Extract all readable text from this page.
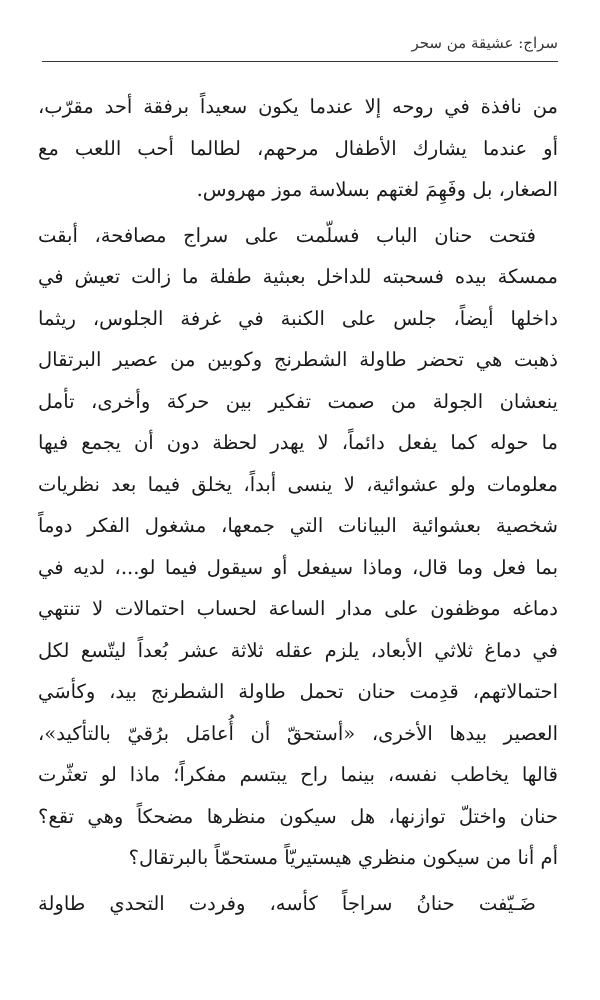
سراج: عشيقة من سحر
من نافذة في روحه إلا عندما يكون سعيداً برفقة أحد مقرّب،
أو عندما يشارك الأطفال مرحهم، لطالما أحب اللعب مع
الصغار، بل وفَهِمَ لغتهم بسلاسة موز مهروس.
فتحت حنان الباب فسلّمت على سراج مصافحة، أبقت
ممسكة بيده فسحبته للداخل بعبثية طفلة ما زالت تعيش في
داخلها أيضاً، جلس على الكنبة في غرفة الجلوس، ريثما
ذهبت هي تحضر طاولة الشطرنج وكوبين من عصير البرتقال
ينعشان الجولة من صمت تفكير بين حركة وأخرى، تأمل
ما حوله كما يفعل دائماً، لا يهدر لحظة دون أن يجمع فيها
معلومات ولو عشوائية، لا ينسى أبداً، يخلق فيما بعد نظريات
شخصية بعشوائية البيانات التي جمعها، مشغول الفكر دوماً
بما فعل وما قال، وماذا سيفعل أو سيقول فيما لو...، لديه في
دماغه موظفون على مدار الساعة لحساب احتمالات لا تنتهي
في دماغ ثلاثي الأبعاد، يلزم عقله ثلاثة عشر بُعداً ليتّسع لكل
احتمالاتهم، قدِمت حنان تحمل طاولة الشطرنج بيد، وكأسَي
العصير بيدها الأخرى، «أستحقّ أن أُعامَل برُقيّ بالتأكيد»،
قالها يخاطب نفسه، بينما راح يبتسم مفكراً؛ ماذا لو تعثّرت
حنان واختلّ توازنها، هل سيكون منظرها مضحكاً وهي تقع؟
أم أنا من سيكون منظري هيستيريّاً مستحمّاً بالبرتقال؟
ضَـيّفت حنانُ سراجاً كأسه، وفردت التحدي طاولة
